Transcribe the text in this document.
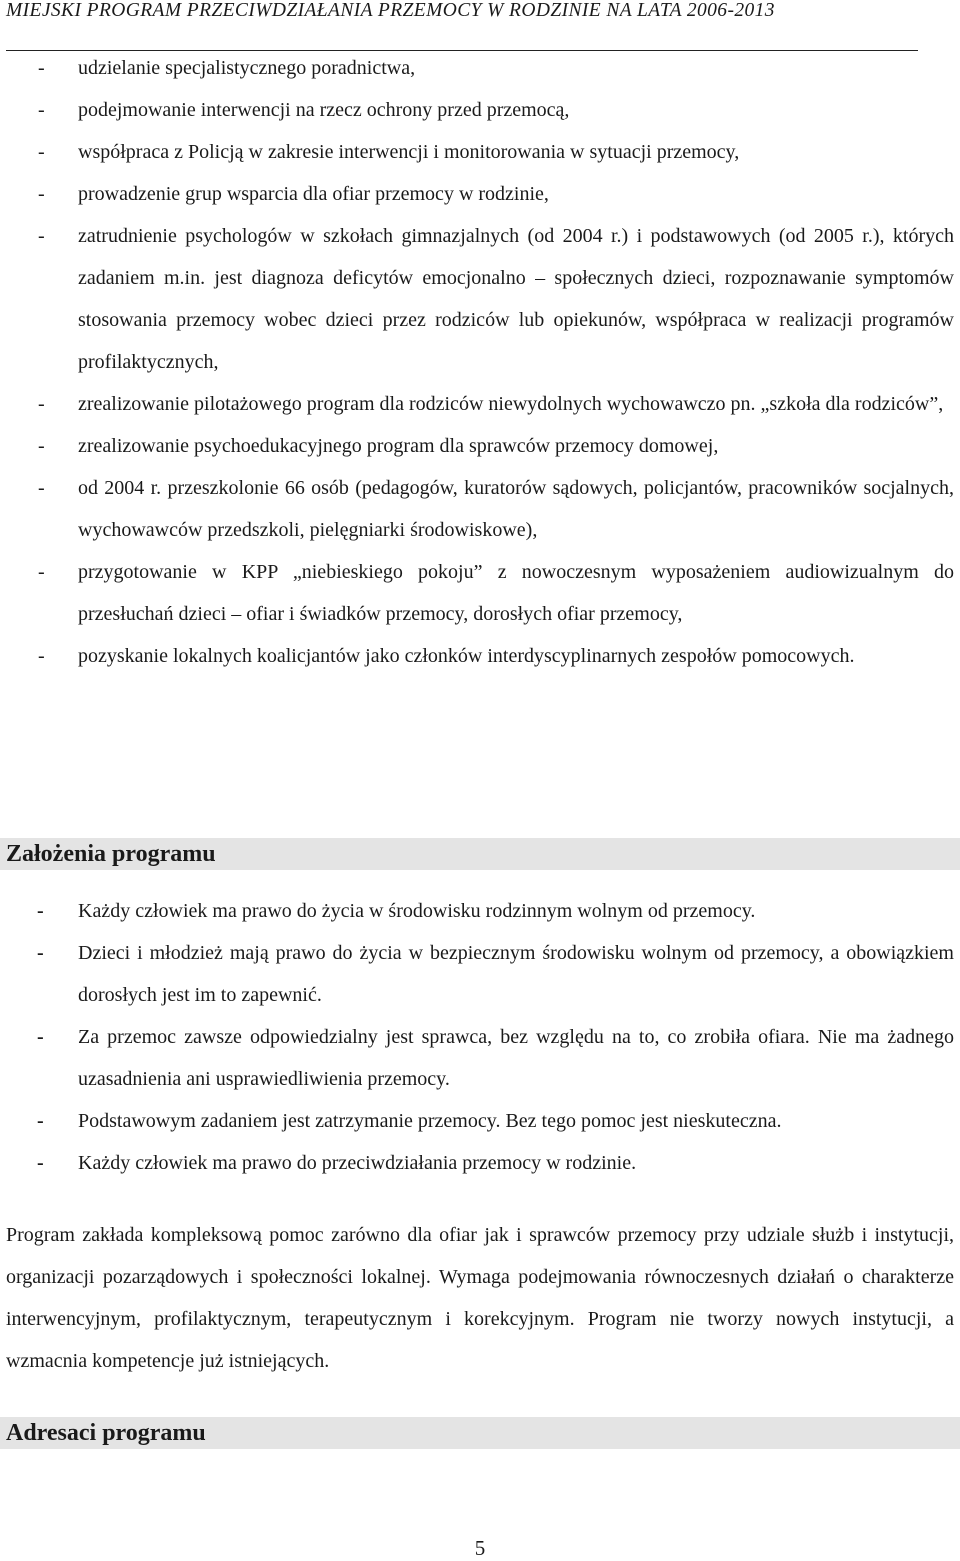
MIEJSKI PROGRAM PRZECIWDZIAŁANIA PRZEMOCY W RODZINIE NA LATA 2006-2013
- udzielanie specjalistycznego poradnictwa,
- podejmowanie interwencji na rzecz ochrony przed przemocą,
- współpraca z Policją w zakresie interwencji i monitorowania w sytuacji przemocy,
- prowadzenie grup wsparcia dla ofiar przemocy w rodzinie,
- zatrudnienie psychologów w szkołach gimnazjalnych (od 2004 r.) i podstawowych (od 2005 r.), których zadaniem m.in. jest diagnoza deficytów emocjonalno – społecznych dzieci, rozpoznawanie symptomów stosowania przemocy wobec dzieci przez rodziców lub opiekunów, współpraca w realizacji programów profilaktycznych,
- zrealizowanie pilotażowego program dla rodziców niewydolnych wychowawczo pn. „szkoła dla rodziców”,
- zrealizowanie psychoedukacyjnego program dla sprawców przemocy domowej,
- od 2004 r. przeszkolonie 66 osób (pedagogów, kuratorów sądowych, policjantów, pracowników socjalnych, wychowawców przedszkoli, pielęgniarki środowiskowe),
- przygotowanie w KPP „niebieskiego pokoju” z nowoczesnym wyposażeniem audiowizualnym do przesłuchań dzieci – ofiar i świadków przemocy, dorosłych ofiar przemocy,
- pozyskanie lokalnych koalicjantów jako członków interdyscyplinarnych zespołów pomocowych.
Założenia programu
- Każdy człowiek ma prawo do życia w środowisku rodzinnym wolnym od przemocy.
- Dzieci i młodzież mają prawo do życia w bezpiecznym środowisku wolnym od przemocy, a obowiązkiem dorosłych jest im to zapewnić.
- Za przemoc zawsze odpowiedzialny jest sprawca, bez względu na to, co zrobiła ofiara. Nie ma żadnego uzasadnienia ani usprawiedliwienia przemocy.
- Podstawowym zadaniem jest zatrzymanie przemocy. Bez tego pomoc jest nieskuteczna.
- Każdy człowiek ma prawo do przeciwdziałania przemocy w rodzinie.
Program zakłada kompleksową pomoc zarówno dla ofiar jak i sprawców przemocy przy udziale służb i instytucji, organizacji pozarządowych i społeczności lokalnej. Wymaga podejmowania równoczesnych działań o charakterze interwencyjnym, profilaktycznym, terapeutycznym i korekcyjnym. Program nie tworzy nowych instytucji, a wzmacnia kompetencje już istniejących.
Adresaci programu
5
